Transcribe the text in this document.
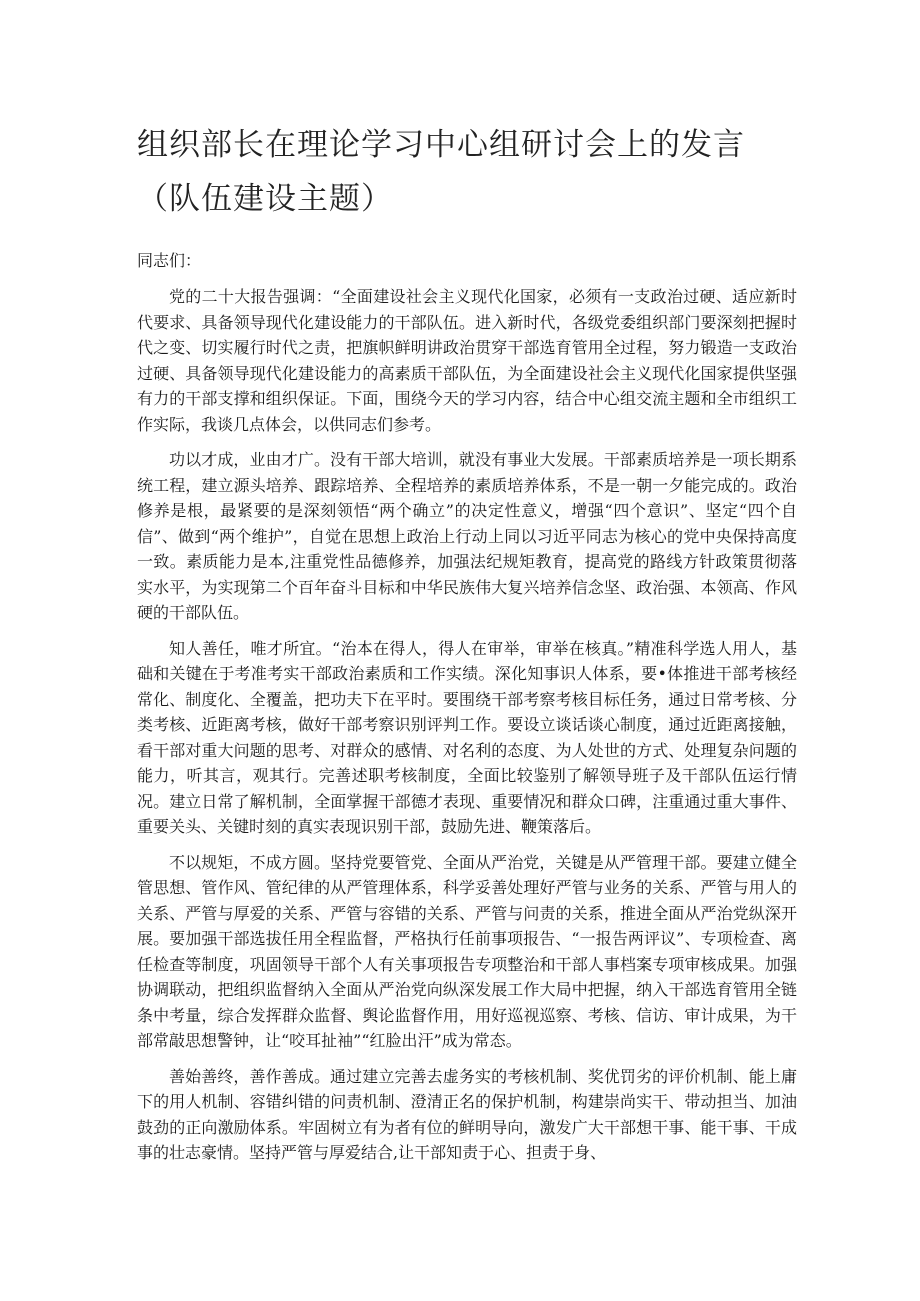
组织部长在理论学习中心组研讨会上的发言（队伍建设主题）

同志们：

党的二十大报告强调：“全面建设社会主义现代化国家，必须有一支政治过硬、适应新时代要求、具备领导现代化建设能力的干部队伍。进入新时代，各级党委组织部门要深刻把握时代之变、切实履行时代之责，把旗帜鲜明讲政治贯穿干部选育管用全过程，努力锻造一支政治过硬、具备领导现代化建设能力的高素质干部队伍，为全面建设社会主义现代化国家提供坚强有力的干部支撑和组织保证。下面，围绕今天的学习内容，结合中心组交流主题和全市组织工作实际，我谈几点体会，以供同志们参考。

功以才成，业由才广。没有干部大培训，就没有事业大发展。干部素质培养是一项长期系统工程，建立源头培养、跟踪培养、全程培养的素质培养体系，不是一朝一夕能完成的。政治修养是根，最紧要的是深刻领悟“两个确立”的决定性意义，增强“四个意识”、坚定“四个自信”、做到“两个维护”，自觉在思想上政治上行动上同以习近平同志为核心的党中央保持高度一致。素质能力是本,注重党性品德修养，加强法纪规矩教育，提高党的路线方针政策贯彻落实水平，为实现第二个百年奋斗目标和中华民族伟大复兴培养信念坚、政治强、本领高、作风硬的干部队伍。

知人善任，唯才所宜。“治本在得人，得人在审举，审举在核真。”精准科学选人用人，基础和关键在于考准考实干部政治素质和工作实绩。深化知事识人体系，要•体推进干部考核经常化、制度化、全覆盖，把功夫下在平时。要围绕干部考察考核目标任务，通过日常考核、分类考核、近距离考核，做好干部考察识别评判工作。要设立谈话谈心制度，通过近距离接触，看干部对重大问题的思考、对群众的感情、对名利的态度、为人处世的方式、处理复杂问题的能力，听其言，观其行。完善述职考核制度，全面比较鉴别了解领导班子及干部队伍运行情况。建立日常了解机制，全面掌握干部德才表现、重要情况和群众口碑，注重通过重大事件、重要关头、关键时刻的真实表现识别干部，鼓励先进、鞭策落后。

不以规矩，不成方圆。坚持党要管党、全面从严治党，关键是从严管理干部。要建立健全管思想、管作风、管纪律的从严管理体系，科学妥善处理好严管与业务的关系、严管与用人的关系、严管与厚爱的关系、严管与容错的关系、严管与问责的关系，推进全面从严治党纵深开展。要加强干部选拔任用全程监督，严格执行任前事项报告、“一报告两评议”、专项检查、离任检查等制度，巩固领导干部个人有关事项报告专项整治和干部人事档案专项审核成果。加强协调联动，把组织监督纳入全面从严治党向纵深发展工作大局中把握，纳入干部选育管用全链条中考量，综合发挥群众监督、舆论监督作用，用好巡视巡察、考核、信访、审计成果，为干部常敲思想警钟，让“咬耳扯袖”“红脸出汗”成为常态。

善始善终，善作善成。通过建立完善去虚务实的考核机制、奖优罚劣的评价机制、能上庸下的用人机制、容错纠错的问责机制、澄清正名的保护机制，构建崇尚实干、带动担当、加油鼓劲的正向激励体系。牢固树立有为者有位的鲜明导向，激发广大干部想干事、能干事、干成事的壮志豪情。坚持严管与厚爱结合,让干部知责于心、担责于身、
